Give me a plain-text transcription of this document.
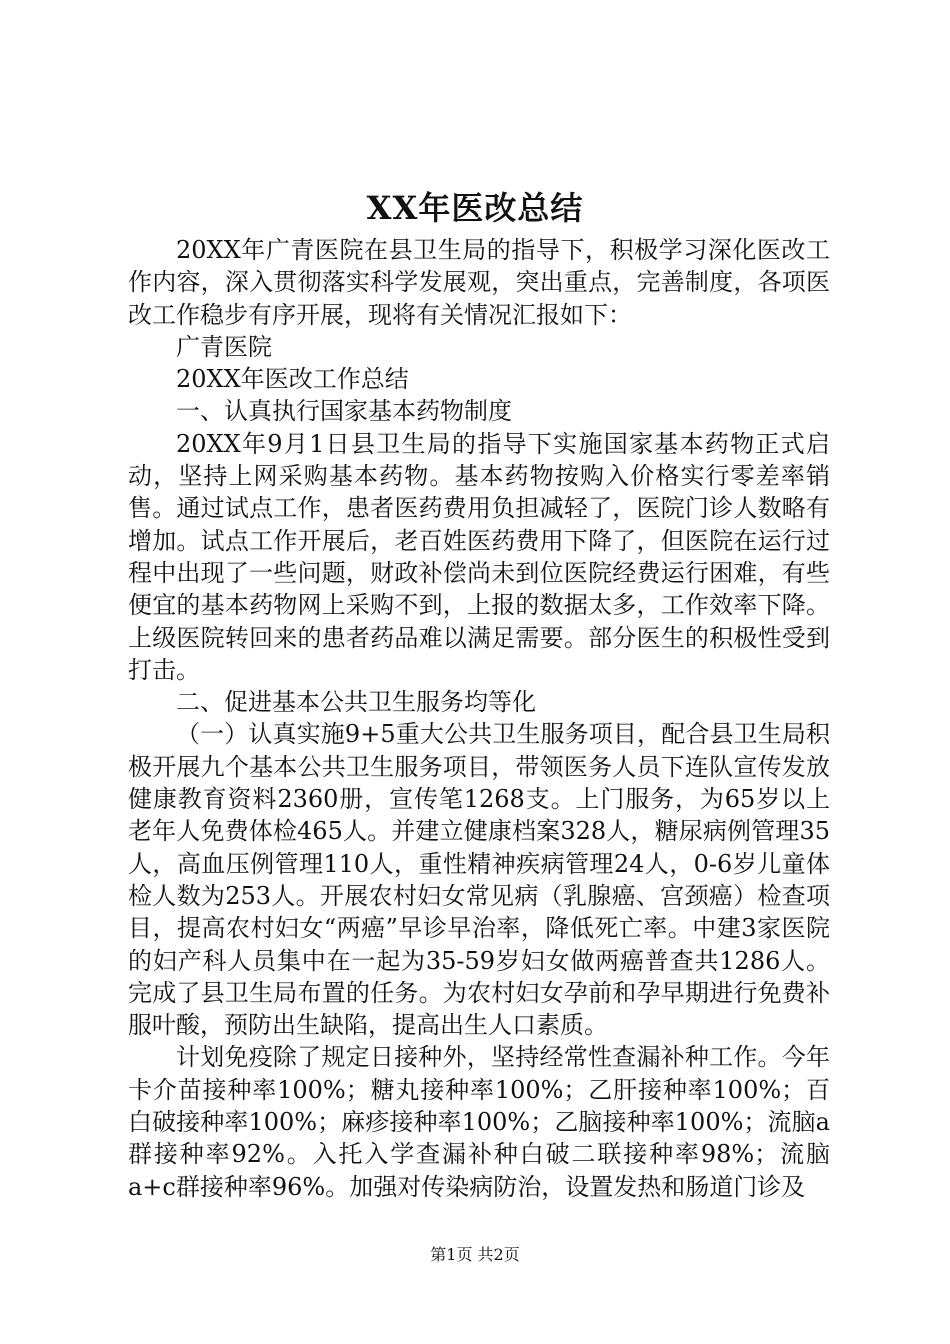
XX年医改总结

20XX年广青医院在县卫生局的指导下，积极学习深化医改工作内容，深入贯彻落实科学发展观，突出重点，完善制度，各项医改工作稳步有序开展，现将有关情况汇报如下：

广青医院

20XX年医改工作总结

一、认真执行国家基本药物制度

20XX年9月1日县卫生局的指导下实施国家基本药物正式启动，坚持上网采购基本药物。基本药物按购入价格实行零差率销售。通过试点工作，患者医药费用负担减轻了，医院门诊人数略有增加。试点工作开展后，老百姓医药费用下降了，但医院在运行过程中出现了一些问题，财政补偿尚未到位医院经费运行困难，有些便宜的基本药物网上采购不到，上报的数据太多，工作效率下降。上级医院转回来的患者药品难以满足需要。部分医生的积极性受到打击。

二、促进基本公共卫生服务均等化

（一）认真实施9+5重大公共卫生服务项目，配合县卫生局积极开展九个基本公共卫生服务项目，带领医务人员下连队宣传发放健康教育资料2360册，宣传笔1268支。上门服务，为65岁以上老年人免费体检465人。并建立健康档案328人，糖尿病例管理35人，高血压例管理110人，重性精神疾病管理24人，0-6岁儿童体检人数为253人。开展农村妇女常见病（乳腺癌、宫颈癌）检查项目，提高农村妇女“两癌”早诊早治率，降低死亡率。中建3家医院的妇产科人员集中在一起为35-59岁妇女做两癌普查共1286人。完成了县卫生局布置的任务。为农村妇女孕前和孕早期进行免费补服叶酸，预防出生缺陷，提高出生人口素质。

计划免疫除了规定日接种外，坚持经常性查漏补种工作。今年卡介苗接种率100%；糖丸接种率100%；乙肝接种率100%；百白破接种率100%；麻疹接种率100%；乙脑接种率100%；流脑a群接种率92%。入托入学查漏补种白破二联接种率98%；流脑a+c群接种率96%。加强对传染病防治，设置发热和肠道门诊及

第1页 共2页
